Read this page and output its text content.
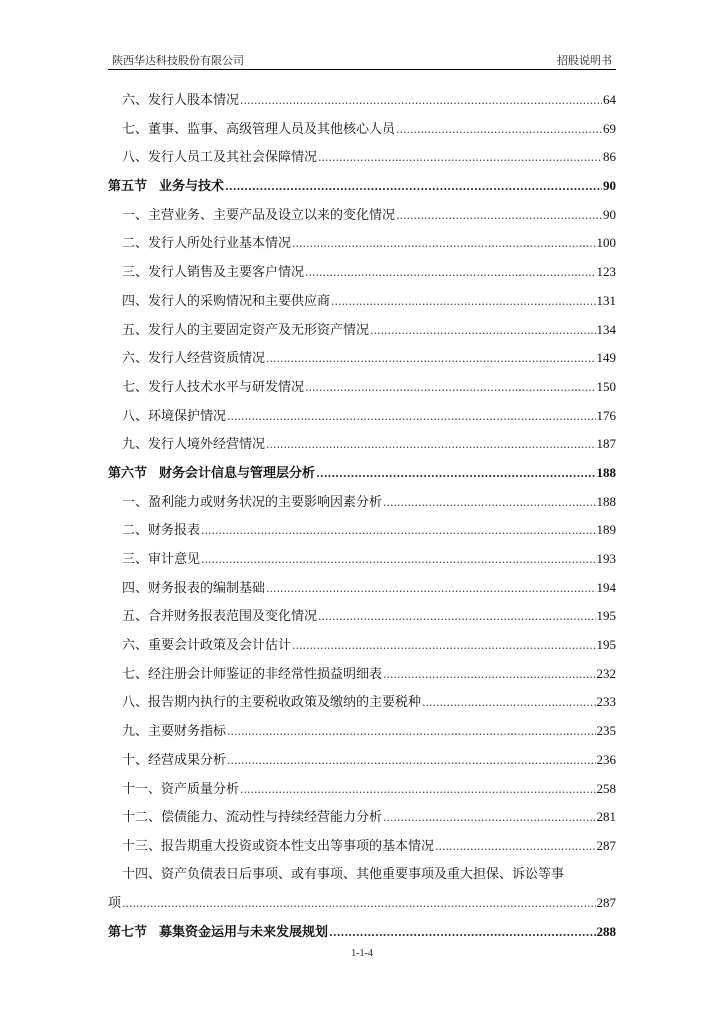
陕西华达科技股份有限公司	招股说明书
六、发行人股本情况 .....	64
七、董事、监事、高级管理人员及其他核心人员 .....	69
八、发行人员工及其社会保障情况 .....	86
第五节 业务与技术 .....	90
一、主营业务、主要产品及设立以来的变化情况 .....	90
二、发行人所处行业基本情况 .....	100
三、发行人销售及主要客户情况 .....	123
四、发行人的采购情况和主要供应商 .....	131
五、发行人的主要固定资产及无形资产情况 .....	134
六、发行人经营资质情况 .....	149
七、发行人技术水平与研发情况 .....	150
八、环境保护情况 .....	176
九、发行人境外经营情况 .....	187
第六节 财务会计信息与管理层分析 .....	188
一、盈利能力或财务状况的主要影响因素分析 .....	188
二、财务报表 .....	189
三、审计意见 .....	193
四、财务报表的编制基础 .....	194
五、合并财务报表范围及变化情况 .....	195
六、重要会计政策及会计估计 .....	195
七、经注册会计师鉴证的非经常性损益明细表 .....	232
八、报告期内执行的主要税收政策及缴纳的主要税种 .....	233
九、主要财务指标 .....	235
十、经营成果分析 .....	236
十一、资产质量分析 .....	258
十二、偿债能力、流动性与持续经营能力分析 .....	281
十三、报告期重大投资或资本性支出等事项的基本情况 .....	287
十四、资产负债表日后事项、或有事项、其他重要事项及重大担保、诉讼等事
项 .....	287
第七节 募集资金运用与未来发展规划 .....	288
1-1-4
